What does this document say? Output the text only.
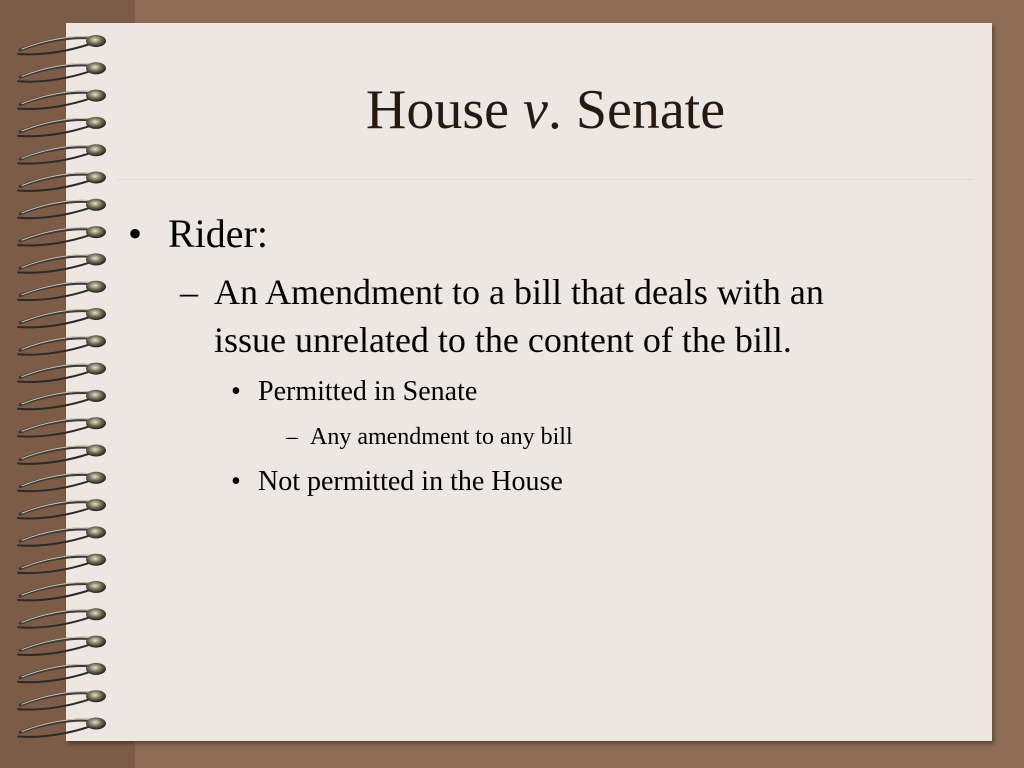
House v. Senate
• Rider:
– An Amendment to a bill that deals with an
issue unrelated to the content of the bill.
• Permitted in Senate
– Any amendment to any bill
• Not permitted in the House
